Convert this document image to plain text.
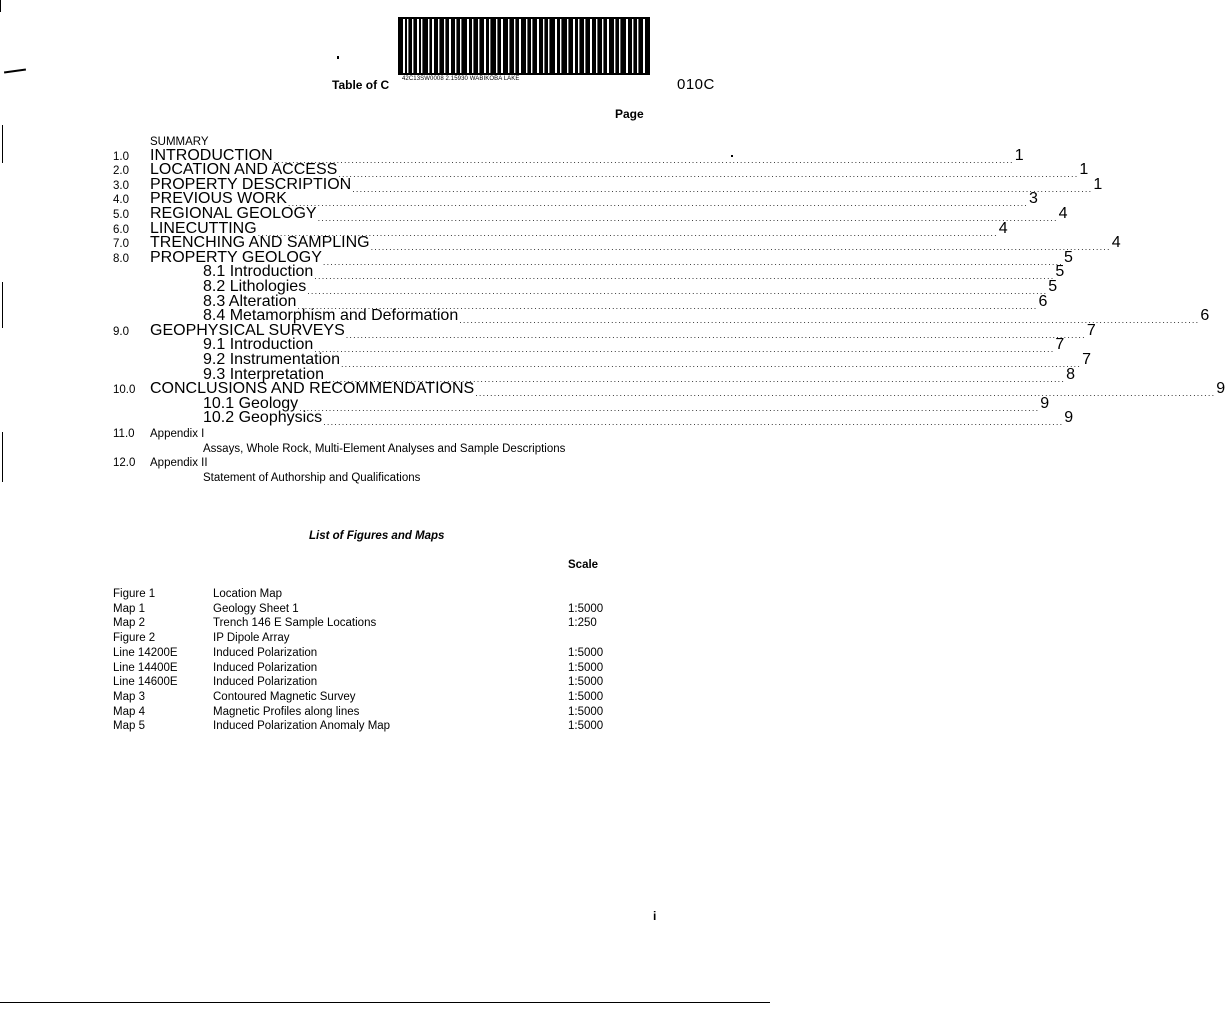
42C13SW0008 2.15930 WABIKOBA LAKE
Table of C	010C
Page
SUMMARY
1.0 INTRODUCTION ........................................................................................................................................................................................................ 1
2.0 LOCATION AND ACCESS ........................................................................................................................................................................................................ 1
3.0 PROPERTY DESCRIPTION ........................................................................................................................................................................................................ 1
4.0 PREVIOUS WORK ........................................................................................................................................................................................................ 3
5.0 REGIONAL GEOLOGY ........................................................................................................................................................................................................ 4
6.0 LINECUTTING ........................................................................................................................................................................................................ 4
7.0 TRENCHING AND SAMPLING ........................................................................................................................................................................................................ 4
8.0 PROPERTY GEOLOGY ........................................................................................................................................................................................................ 5
8.1 Introduction ........................................................................................................................................................................................................ 5
8.2 Lithologies ........................................................................................................................................................................................................ 5
8.3 Alteration ........................................................................................................................................................................................................ 6
8.4 Metamorphism and Deformation ........................................................................................................................................................................................................ 6
9.0 GEOPHYSICAL SURVEYS ........................................................................................................................................................................................................ 7
9.1 Introduction ........................................................................................................................................................................................................ 7
9.2 Instrumentation ........................................................................................................................................................................................................ 7
9.3 Interpretation ........................................................................................................................................................................................................ 8
10.0 CONCLUSIONS AND RECOMMENDATIONS ........................................................................................................................................................................................................ 9
10.1 Geology ........................................................................................................................................................................................................ 9
10.2 Geophysics ........................................................................................................................................................................................................ 9
11.0 Appendix I
Assays, Whole Rock, Multi-Element Analyses and Sample Descriptions
12.0 Appendix II
Statement of Authorship and Qualifications
List of Figures and Maps
Scale
Figure 1	Location Map
Map 1	Geology Sheet 1	1:5000
Map 2	Trench 146 E Sample Locations	1:250
Figure 2	IP Dipole Array
Line 14200E	Induced Polarization	1:5000
Line 14400E	Induced Polarization	1:5000
Line 14600E	Induced Polarization	1:5000
Map 3	Contoured Magnetic Survey	1:5000
Map 4	Magnetic Profiles along lines	1:5000
Map 5	Induced Polarization Anomaly Map	1:5000
i
